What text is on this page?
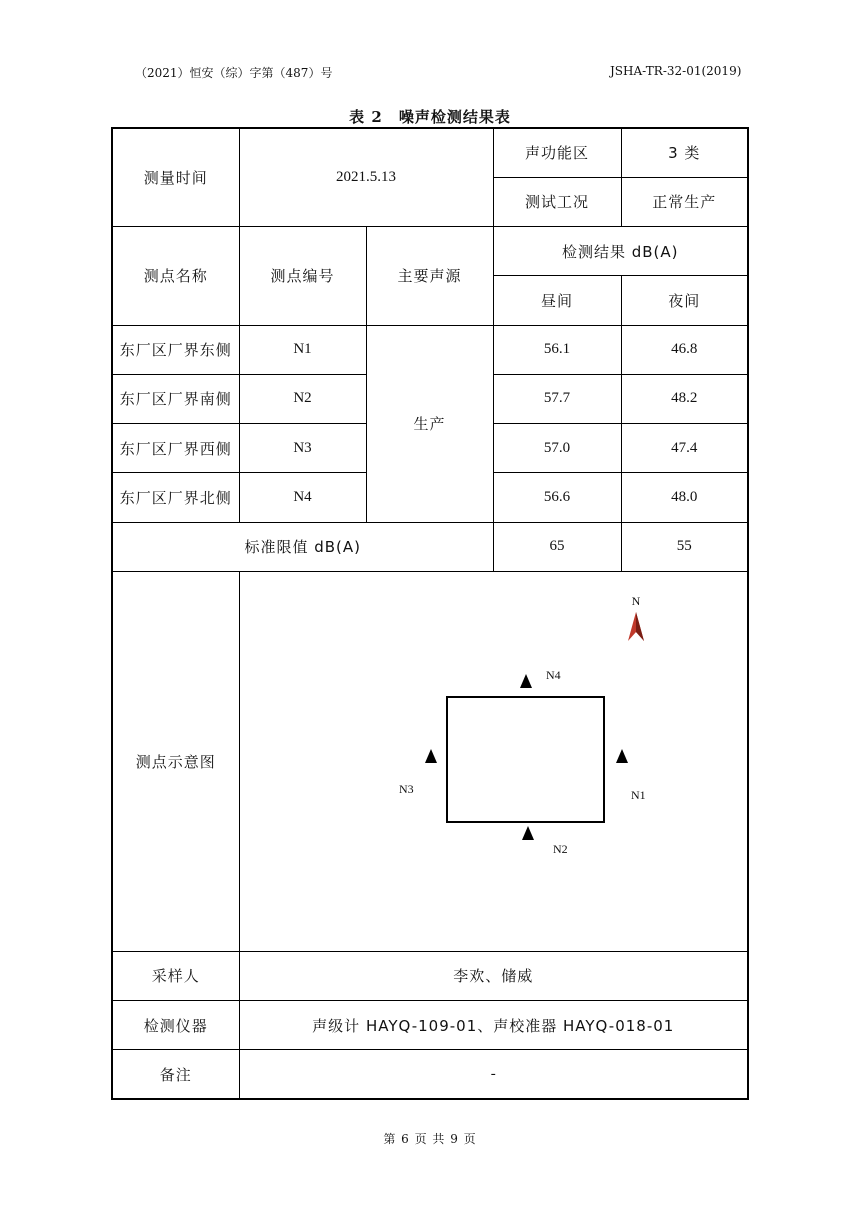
（2021）恒安（综）字第（487）号	JSHA-TR-32-01(2019)
表 2　噪声检测结果表
测量时间	2021.5.13		声功能区	3 类
			测试工况	正常生产
测点名称	测点编号	主要声源	检测结果 dB(A)	
			昼间	夜间
东厂区厂界东侧	N1	生产	56.1	46.8
东厂区厂界南侧	N2		57.7	48.2
东厂区厂界西侧	N3		57.0	47.4
东厂区厂界北侧	N4		56.6	48.0
标准限值 dB(A)			65	55
测点示意图	N
N4
N1
N3
N2			

采样人	李欢、储威			
检测仪器	声级计 HAYQ-109-01、声校准器 HAYQ-018-01			
备注	-			
第 6 页 共 9 页
